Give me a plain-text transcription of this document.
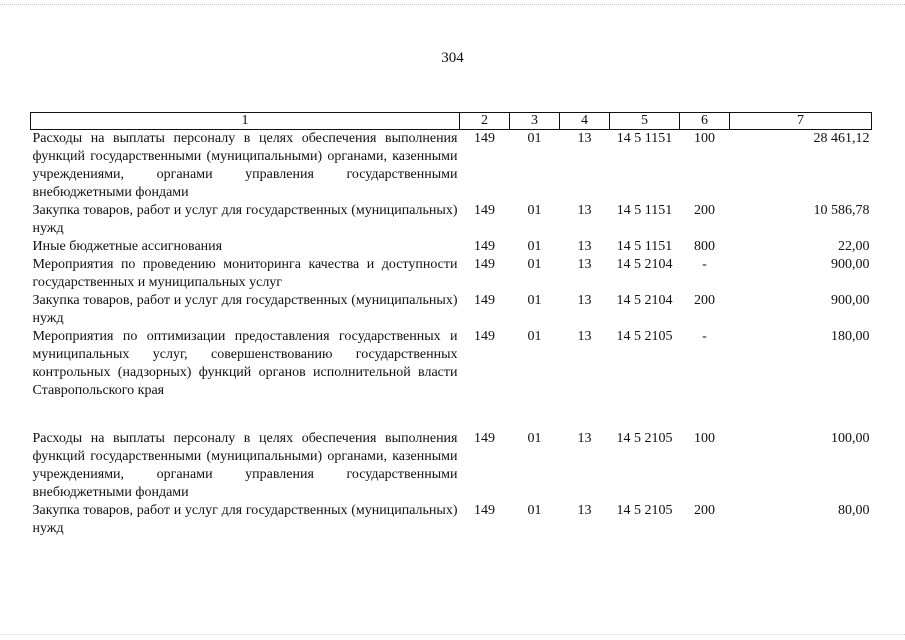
304
1	2	3	4	5	6	7
Расходы на выплаты персоналу в целях обеспечения выполнения функций государственными (муниципальными) органами, казенными учреждениями, органами управления государственными внебюджетными фондами	149	01	13	14 5 1151	100	28 461,12
Закупка товаров, работ и услуг для государственных (муниципальных) нужд	149	01	13	14 5 1151	200	10 586,78
Иные бюджетные ассигнования	149	01	13	14 5 1151	800	22,00
Мероприятия по проведению мониторинга качества и доступности государственных и муниципальных услуг	149	01	13	14 5 2104	-	900,00
Закупка товаров, работ и услуг для государственных (муниципальных) нужд	149	01	13	14 5 2104	200	900,00
Мероприятия по оптимизации предоставления государственных и муниципальных услуг, совершенствованию государственных контрольных (надзорных) функций органов исполнительной власти Ставропольского края	149	01	13	14 5 2105	-	180,00

Расходы на выплаты персоналу в целях обеспечения выполнения функций государственными (муниципальными) органами, казенными учреждениями, органами управления государственными внебюджетными фондами	149	01	13	14 5 2105	100	100,00
Закупка товаров, работ и услуг для государственных (муниципальных) нужд	149	01	13	14 5 2105	200	80,00
